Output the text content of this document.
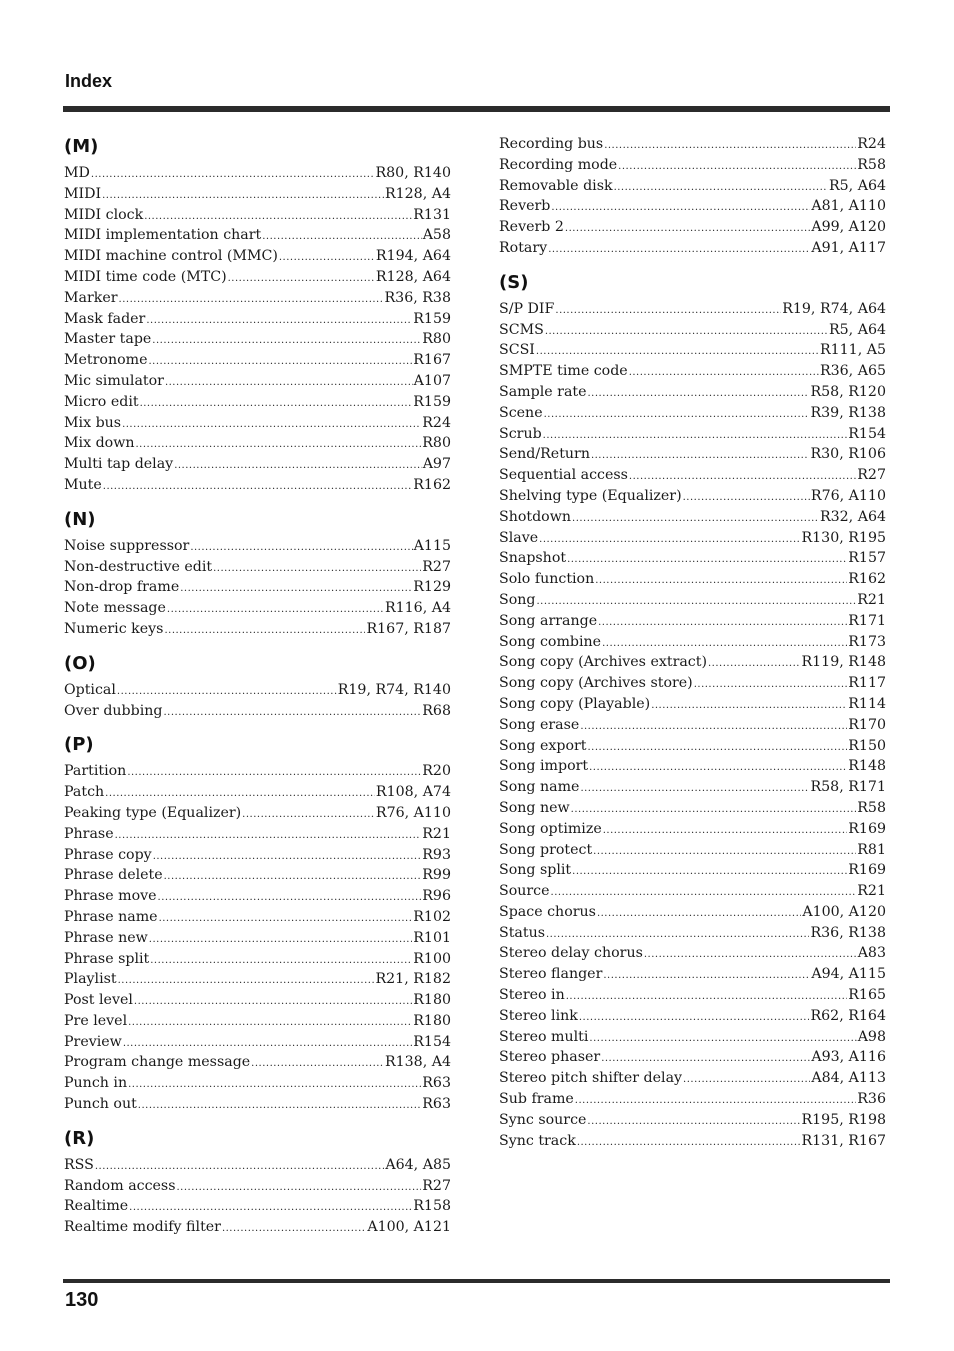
Index
(M)
MD .....	R80, R140
MIDI .....	R128, A4
MIDI clock .....	R131
MIDI implementation chart .....	A58
MIDI machine control (MMC) .....	R194, A64
MIDI time code (MTC) .....	R128, A64
Marker .....	R36, R38
Mask fader .....	R159
Master tape .....	R80
Metronome .....	R167
Mic simulator .....	A107
Micro edit .....	R159
Mix bus .....	R24
Mix down .....	R80
Multi tap delay .....	A97
Mute .....	R162
(N)
Noise suppressor .....	A115
Non-destructive edit .....	R27
Non-drop frame .....	R129
Note message .....	R116, A4
Numeric keys .....	R167, R187
(O)
Optical .....	R19, R74, R140
Over dubbing .....	R68
(P)
Partition .....	R20
Patch .....	R108, A74
Peaking type (Equalizer) .....	R76, A110
Phrase .....	R21
Phrase copy .....	R93
Phrase delete .....	R99
Phrase move .....	R96
Phrase name .....	R102
Phrase new .....	R101
Phrase split .....	R100
Playlist .....	R21, R182
Post level .....	R180
Pre level .....	R180
Preview .....	R154
Program change message .....	R138, A4
Punch in .....	R63
Punch out .....	R63
(R)
RSS .....	A64, A85
Random access .....	R27
Realtime .....	R158
Realtime modify filter .....	A100, A121
Recording bus .....	R24
Recording mode .....	R58
Removable disk .....	R5, A64
Reverb .....	A81, A110
Reverb 2 .....	A99, A120
Rotary .....	A91, A117
(S)
S/P DIF .....	R19, R74, A64
SCMS .....	R5, A64
SCSI .....	R111, A5
SMPTE time code .....	R36, A65
Sample rate .....	R58, R120
Scene .....	R39, R138
Scrub .....	R154
Send/Return .....	R30, R106
Sequential access .....	R27
Shelving type (Equalizer) .....	R76, A110
Shotdown .....	R32, A64
Slave .....	R130, R195
Snapshot .....	R157
Solo function .....	R162
Song .....	R21
Song arrange .....	R171
Song combine .....	R173
Song copy (Archives extract) .....	R119, R148
Song copy (Archives store) .....	R117
Song copy (Playable) .....	R114
Song erase .....	R170
Song export .....	R150
Song import .....	R148
Song name .....	R58, R171
Song new .....	R58
Song optimize .....	R169
Song protect .....	R81
Song split .....	R169
Source .....	R21
Space chorus .....	A100, A120
Status .....	R36, R138
Stereo delay chorus .....	A83
Stereo flanger .....	A94, A115
Stereo in .....	R165
Stereo link .....	R62, R164
Stereo multi .....	A98
Stereo phaser .....	A93, A116
Stereo pitch shifter delay .....	A84, A113
Sub frame .....	R36
Sync source .....	R195, R198
Sync track .....	R131, R167
130
